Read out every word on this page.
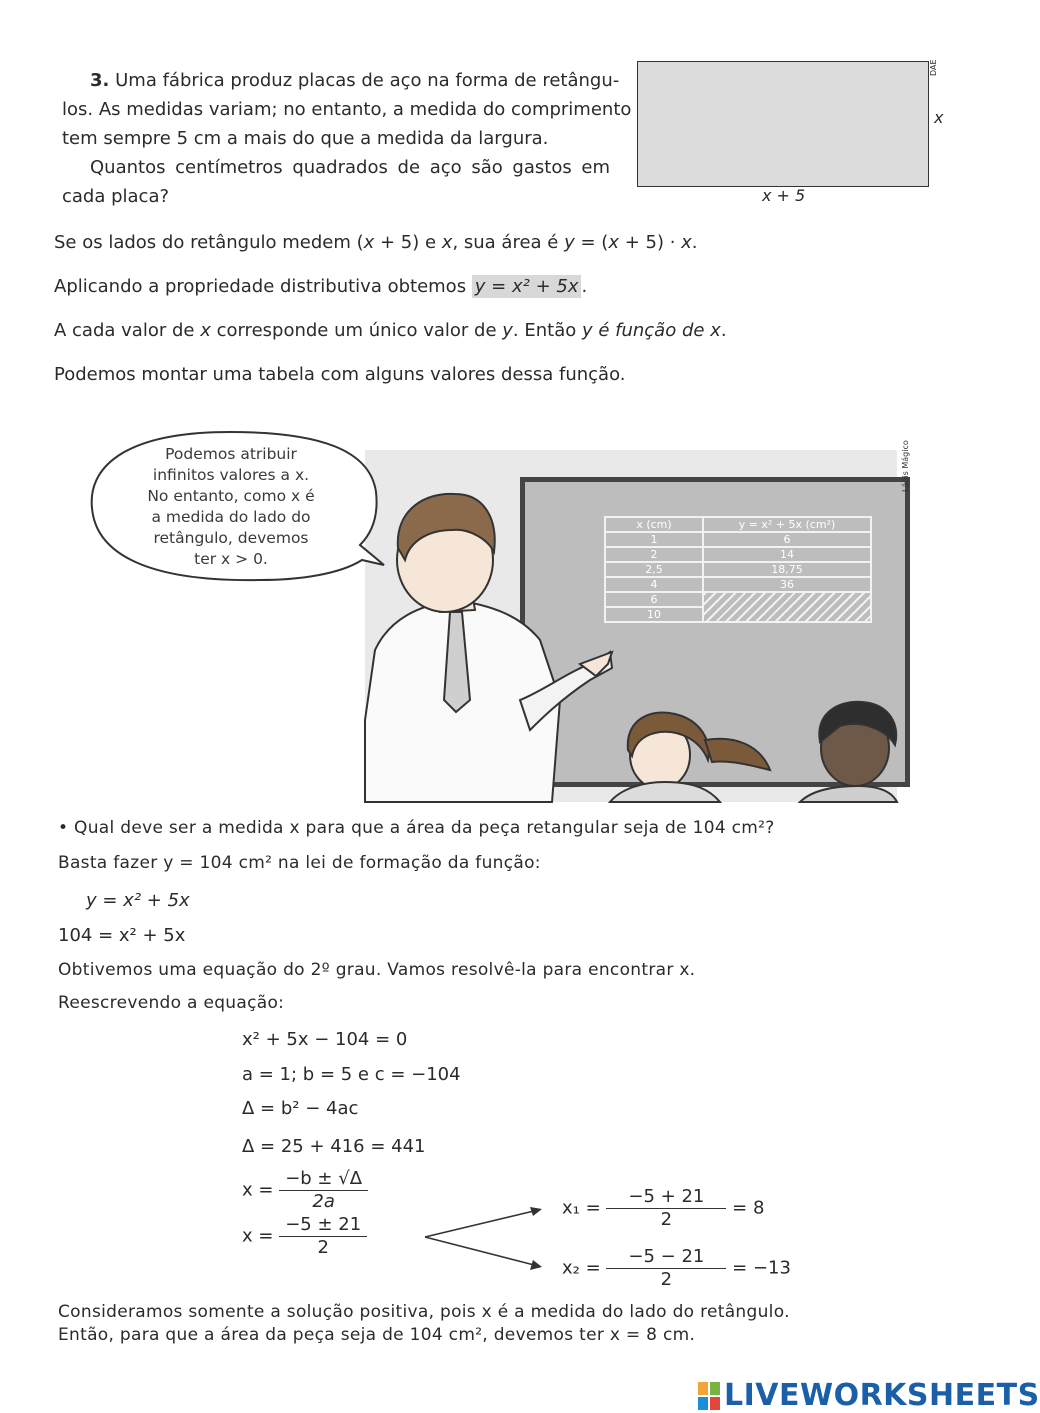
3. Uma fábrica produz placas de aço na forma de retângu-
los. As medidas variam; no entanto, a medida do comprimento
tem sempre 5 cm a mais do que a medida da largura.
Quantos centímetros quadrados de aço são gastos em
cada placa?
x
x + 5
DAE
Se os lados do retângulo medem (x + 5) e x, sua área é y = (x + 5) · x.
Aplicando a propriedade distributiva obtemos y = x² + 5x .
A cada valor de x corresponde um único valor de y. Então y é função de x.
Podemos montar uma tabela com alguns valores dessa função.
Lápis Mágico
x (cm)	y = x² + 5x (cm²)
1	6
2	14
2,5	18,75
4	36
6	
10	
Podemos atribuir
infinitos valores a x.
No entanto, como x é
a medida do lado do
retângulo, devemos
ter x > 0.
• Qual deve ser a medida x para que a área da peça retangular seja de 104 cm²?
Basta fazer y = 104 cm² na lei de formação da função:
y = x² + 5x
104 = x² + 5x
Obtivemos uma equação do 2º grau. Vamos resolvê-la para encontrar x.
Reescrevendo a equação:
x² + 5x − 104 = 0
a = 1; b = 5 e c = −104
Δ = b² − 4ac
Δ = 25 + 416 = 441
$x = \frac{-b \pm √\Delta}{2a}$
$x = \frac{-5 \pm 21}{2}$
$x_1 = \frac{-5 + 21}{2} = 8$
$x_2 = \frac{-5 - 21}{2} = -13$
Consideramos somente a solução positiva, pois x é a medida do lado do retângulo.
Então, para que a área da peça seja de 104 cm², devemos ter x = 8 cm.
LIVEWORKSHEETS
